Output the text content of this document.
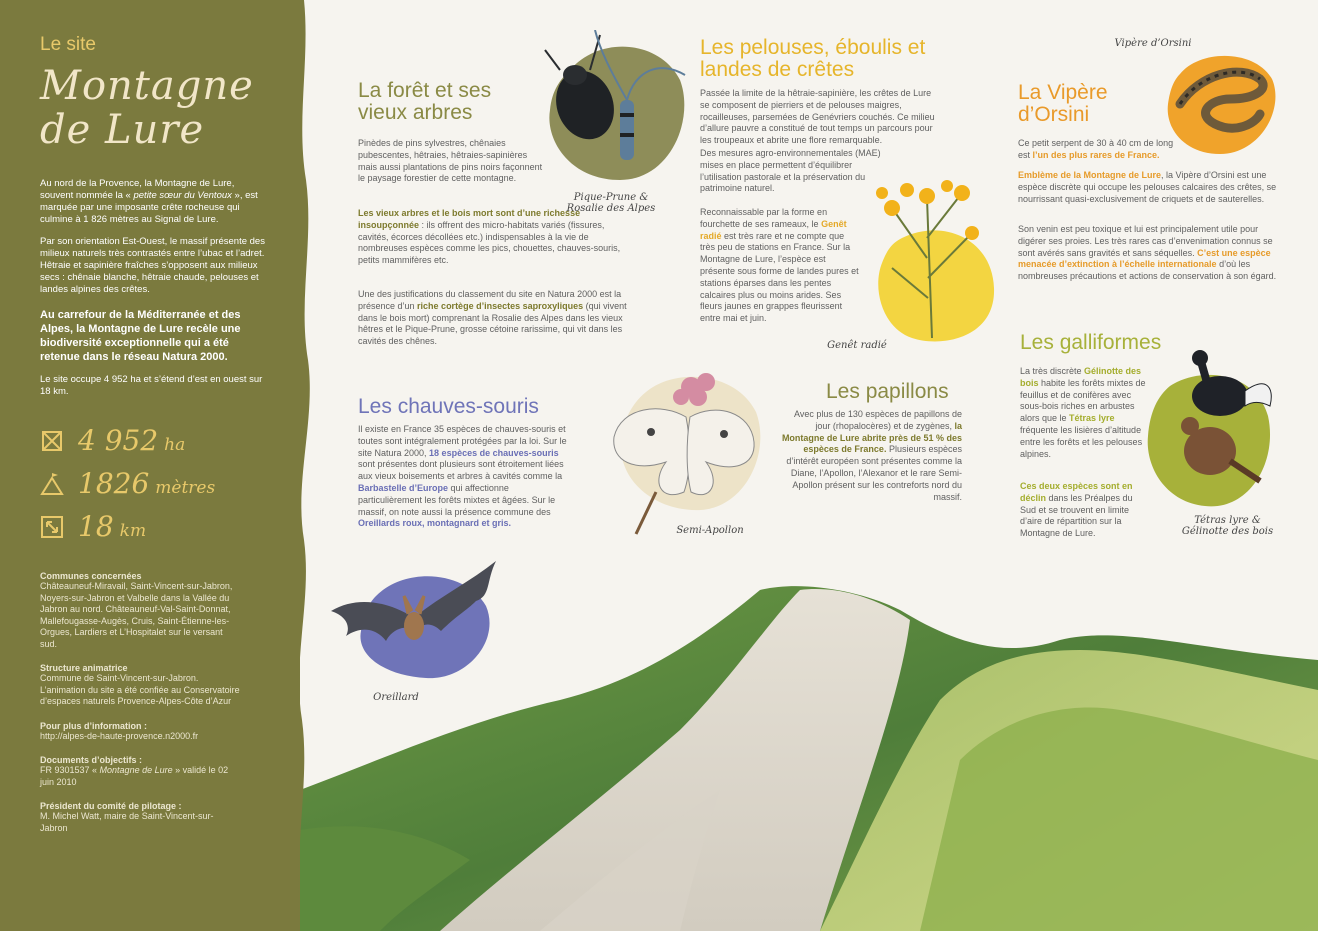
Le site
Montagne
de Lure
Au nord de la Provence, la Montagne de Lure, souvent nommée la « petite sœur du Ventoux », est marquée par une imposante crête rocheuse qui culmine à 1 826 mètres au Signal de Lure.
Par son orientation Est-Ouest, le massif présente des milieux naturels très contrastés entre l’ubac et l’adret. Hêtraie et sapinière fraîches s’opposent aux milieux secs : chênaie blanche, hêtraie chaude, pelouses et landes alpines des crêtes.
Au carrefour de la Méditerranée et des Alpes, la Montagne de Lure recèle une biodiversité exceptionnelle qui a été retenue dans le réseau Natura 2000.
Le site occupe 4 952 ha et s’étend d’est en ouest sur 18 km.
4 952 ha
1826 mètres
18 km
Communes concernées
Châteauneuf-Miravail, Saint-Vincent-sur-Jabron, Noyers-sur-Jabron et Valbelle dans la Vallée du Jabron au nord. Châteauneuf-Val-Saint-Donnat, Mallefougasse-Augès, Cruis, Saint-Étienne-les-Orgues, Lardiers et L’Hospitalet sur le versant sud.
Structure animatrice
Commune de Saint-Vincent-sur-Jabron. L’animation du site a été confiée au Conservatoire d’espaces naturels Provence-Alpes-Côte d’Azur
Pour plus d’information :
http://alpes-de-haute-provence.n2000.fr
Documents d’objectifs :
FR 9301537 « Montagne de Lure » validé le 02 juin 2010
Président du comité de pilotage :
M. Michel Watt, maire de Saint-Vincent-sur-Jabron
La forêt et ses
vieux arbres
Pinèdes de pins sylvestres, chênaies pubescentes, hêtraies, hêtraies-sapinières mais aussi plantations de pins noirs façonnent le paysage forestier de cette montagne.
Les vieux arbres et le bois mort sont d’une richesse insoupçonnée : ils offrent des micro-habitats variés (fissures, cavités, écorces décollées etc.) indispensables à la vie de nombreuses espèces comme les pics, chouettes, chauves-souris, petits mammifères etc.
Une des justifications du classement du site en Natura 2000 est la présence d’un riche cortège d’insectes saproxyliques (qui vivent dans le bois mort) comprenant la Rosalie des Alpes dans les vieux hêtres et le Pique-Prune, grosse cétoine rarissime, qui vit dans les cavités des chênes.
Pique-Prune &
Rosalie des Alpes
Les pelouses, éboulis et
landes de crêtes
Passée la limite de la hêtraie-sapinière, les crêtes de Lure se composent de pierriers et de pelouses maigres, rocailleuses, parsemées de Genévriers couchés. Ce milieu d’allure pauvre a constitué de tout temps un parcours pour les troupeaux et abrite une flore remarquable.
Des mesures agro-environnementales (MAE) mises en place permettent d’équilibrer l’utilisation pastorale et la préservation du patrimoine naturel.
Reconnaissable par la forme en fourchette de ses rameaux, le Genêt radié est très rare et ne compte que très peu de stations en France. Sur la Montagne de Lure, l’espèce est présente sous forme de landes pures et stations éparses dans les pentes calcaires plus ou moins arides. Ses fleurs jaunes en grappes fleurissent entre mai et juin.
Genêt radié
Vipère d’Orsini
La Vipère
d’Orsini
Ce petit serpent de 30 à 40 cm de long est l’un des plus rares de France.
Emblème de la Montagne de Lure, la Vipère d’Orsini est une espèce discrète qui occupe les pelouses calcaires des crêtes, se nourrissant quasi-exclusivement de criquets et de sauterelles.
Son venin est peu toxique et lui est principalement utile pour digérer ses proies. Les très rares cas d’envenimation connus se sont avérés sans gravités et sans séquelles. C’est une espèce menacée d’extinction à l’échelle internationale d’où les nombreuses précautions et actions de conservation à son égard.
Les chauves-souris
Il existe en France 35 espèces de chauves-souris et toutes sont intégralement protégées par la loi. Sur le site Natura 2000, 18 espèces de chauves-souris sont présentes dont plusieurs sont étroitement liées aux vieux boisements et arbres à cavités comme la Barbastelle d’Europe qui affectionne particulièrement les forêts mixtes et âgées. Sur le massif, on note aussi la présence commune des Oreillards roux, montagnard et gris.
Oreillard
Semi-Apollon
Les papillons
Avec plus de 130 espèces de papillons de jour (rhopalocères) et de zygènes, la Montagne de Lure abrite près de 51 % des espèces de France. Plusieurs espèces d’intérêt européen sont présentes comme la Diane, l’Apollon, l’Alexanor et le rare Semi-Apollon présent sur les contreforts nord du massif.
Les galliformes
La très discrète Gélinotte des bois habite les forêts mixtes de feuillus et de conifères avec sous-bois riches en arbustes alors que le Tétras lyre fréquente les lisières d’altitude entre les forêts et les pelouses alpines.
Ces deux espèces sont en déclin dans les Préalpes du Sud et se trouvent en limite d’aire de répartition sur la Montagne de Lure.
Tétras lyre &
Gélinotte des bois
